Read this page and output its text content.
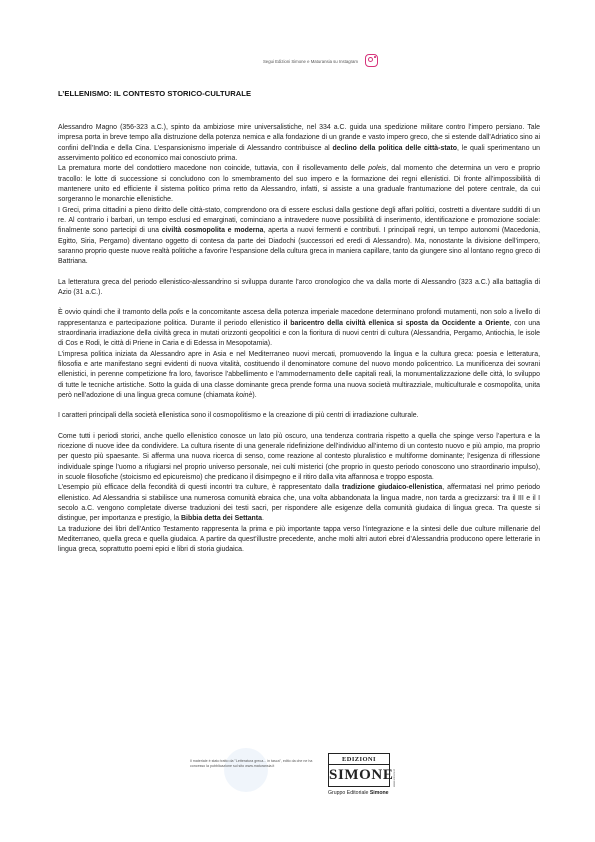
Segui Edizioni Simone e Maturansia su Instagram
L’ELLENISMO: IL CONTESTO STORICO-CULTURALE

Alessandro Magno (356-323 a.C.), spinto da ambiziose mire universalistiche, nel 334 a.C. guida una spedizione militare contro l’impero persiano. Tale impresa porta in breve tempo alla distruzione della potenza nemica e alla fondazione di un grande e vasto impero greco, che si estende dall’Adriatico sino ai confini dell’India e della Cina. L’espansionismo imperiale di Alessandro contribuisce al declino della politica delle città-stato, le quali sperimentano un asservimento politico ed economico mai conosciuto prima.

La prematura morte del condottiero macedone non coincide, tuttavia, con il risollevamento delle poleis, dal momento che determina un vero e proprio tracollo: le lotte di successione si concludono con lo smembramento del suo impero e la formazione dei regni ellenistici. Di fronte all’impossibilità di mantenere unito ed efficiente il sistema politico prima retto da Alessandro, infatti, si assiste a una graduale frantumazione del potere centrale, da cui sorgeranno le monarchie ellenistiche.

I Greci, prima cittadini a pieno diritto delle città-stato, comprendono ora di essere esclusi dalla gestione degli affari politici, costretti a diventare sudditi di un re. Al contrario i barbari, un tempo esclusi ed emarginati, cominciano a intravedere nuove possibilità di inserimento, identificazione e promozione sociale: finalmente sono partecipi di una civiltà cosmopolita e moderna, aperta a nuovi fermenti e contributi. I principali regni, un tempo autonomi (Macedonia, Egitto, Siria, Pergamo) diventano oggetto di contesa da parte dei Diadochi (successori ed eredi di Alessandro). Ma, nonostante la divisione dell’impero, saranno proprio queste nuove realtà politiche a favorire l’espansione della cultura greca in maniera capillare, tanto da giungere sino al lontano regno greco di Battriana.

La letteratura greca del periodo ellenistico-alessandrino si sviluppa durante l’arco cronologico che va dalla morte di Alessandro (323 a.C.) alla battaglia di Azio (31 a.C.).

È ovvio quindi che il tramonto della polis e la concomitante ascesa della potenza imperiale macedone determinano profondi mutamenti, non solo a livello di rappresentanza e partecipazione politica. Durante il periodo ellenistico il baricentro della civiltà ellenica si sposta da Occidente a Oriente, con una straordinaria irradiazione della civiltà greca in mutati orizzonti geopolitici e con la fioritura di nuovi centri di cultura (Alessandria, Pergamo, Antiochia, le isole di Cos e Rodi, le città di Priene in Caria e di Edessa in Mesopotamia).

L’impresa politica iniziata da Alessandro apre in Asia e nel Mediterraneo nuovi mercati, promuovendo la lingua e la cultura greca: poesia e letteratura, filosofia e arte manifestano segni evidenti di nuova vitalità, costituendo il denominatore comune del nuovo mondo policentrico. La munificenza dei sovrani ellenistici, in perenne competizione fra loro, favorisce l’abbellimento e l’ammodernamento delle capitali reali, la monumentalizzazione delle città, lo sviluppo di tutte le tecniche artistiche. Sotto la guida di una classe dominante greca prende forma una nuova società multirazziale, multiculturale e cosmopolita, unita però nell’adozione di una lingua greca comune (chiamata koinè).

I caratteri principali della società ellenistica sono il cosmopolitismo e la creazione di più centri di irradiazione culturale.

Come tutti i periodi storici, anche quello ellenistico conosce un lato più oscuro, una tendenza contraria rispetto a quella che spinge verso l’apertura e la ricezione di nuove idee da condividere. La cultura risente di una generale ridefinizione dell’individuo all’interno di un contesto nuovo e più ampio, ma proprio per questo più spaesante. Si afferma una nuova ricerca di senso, come reazione al contesto pluralistico e multiforme dominante; l’esigenza di riflessione individuale spinge l’uomo a rifugiarsi nel proprio universo personale, nei culti misterici (che proprio in questo periodo conoscono uno straordinario impulso), in scuole filosofiche (stoicismo ed epicureismo) che predicano il disimpegno e il ritiro dalla vita affannosa e troppo esposta.

L’esempio più efficace della fecondità di questi incontri tra culture, è rappresentato dalla tradizione giudaico-ellenistica, affermatasi nel primo periodo ellenistico. Ad Alessandria si stabilisce una numerosa comunità ebraica che, una volta abbandonata la lingua madre, non tarda a grecizzarsi: tra il III e il I secolo a.C. vengono completate diverse traduzioni dei testi sacri, per rispondere alle esigenze della comunità giudaica di lingua greca. Tra queste si distingue, per importanza e prestigio, la Bibbia detta dei Settanta.

La traduzione dei libri dell’Antico Testamento rappresenta la prima e più importante tappa verso l’integrazione e la sintesi delle due culture millenarie del Mediterraneo, quella greca e quella giudaica. A partire da quest’illustre precedente, anche molti altri autori ebrei d’Alessandria producono opere letterarie in lingua greca, soprattutto poemi epici e libri di storia giudaica.

Il materiale è stato tratto da "Letteratura greca... in tasca", edito da che ne ha concesso la pubblicazione sul sito www.maturansia.it
EDIZIONI
SIMONE
www.simone.it
Gruppo Editoriale Simone
